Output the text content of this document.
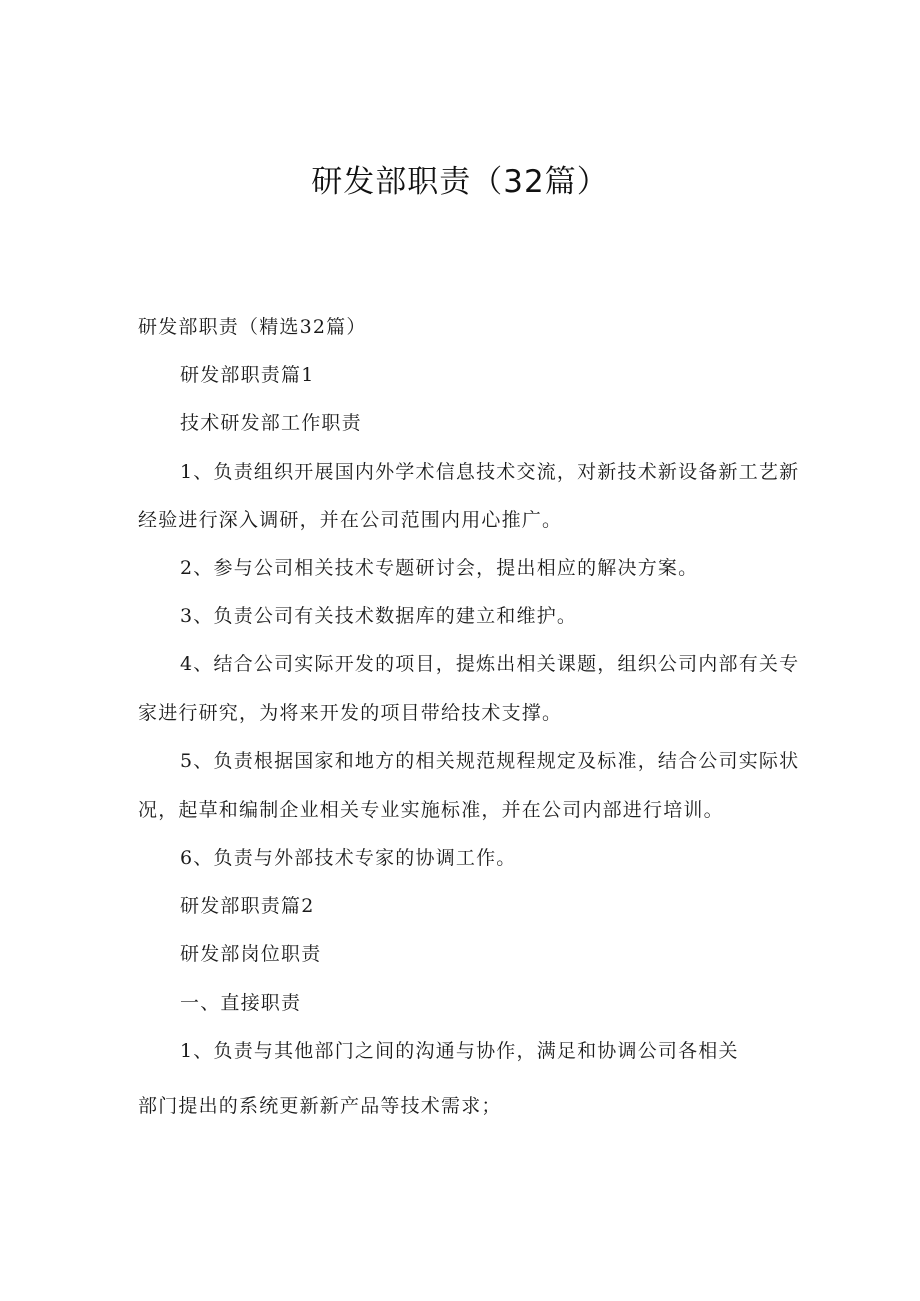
研发部职责（32篇）
研发部职责（精选32篇）
研发部职责篇1
技术研发部工作职责
1、负责组织开展国内外学术信息技术交流，对新技术新设备新工艺新
经验进行深入调研，并在公司范围内用心推广。
2、参与公司相关技术专题研讨会，提出相应的解决方案。
3、负责公司有关技术数据库的建立和维护。
4、结合公司实际开发的项目，提炼出相关课题，组织公司内部有关专
家进行研究，为将来开发的项目带给技术支撑。
5、负责根据国家和地方的相关规范规程规定及标准，结合公司实际状
况，起草和编制企业相关专业实施标准，并在公司内部进行培训。
6、负责与外部技术专家的协调工作。
研发部职责篇2
研发部岗位职责
一、直接职责
1、负责与其他部门之间的沟通与协作，满足和协调公司各相关
部门提出的系统更新新产品等技术需求；
